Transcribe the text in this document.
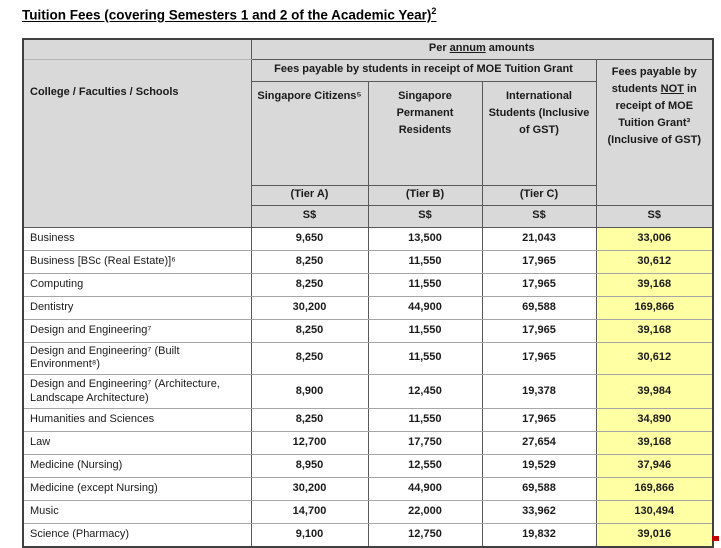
Tuition Fees (covering Semesters 1 and 2 of the Academic Year)$^2$
	Per annum amounts			
College / Faculties / Schools	Fees payable by students in receipt of MOE Tuition Grant			Fees payable by students NOT in receipt of MOE Tuition Grant³
(Inclusive of GST)

	Singapore Citizens⁵	Singapore Permanent Residents	International Students (Inclusive of GST)	
	(Tier A)	(Tier B)	(Tier C)	
	S$	S$	S$	S$
Business	9,650	13,500	21,043	33,006
Business [BSc (Real Estate)]⁶	8,250	11,550	17,965	30,612
Computing	8,250	11,550	17,965	39,168
Dentistry	30,200	44,900	69,588	169,866
Design and Engineering⁷	8,250	11,550	17,965	39,168
Design and Engineering⁷ (Built Environment⁸)	8,250	11,550	17,965	30,612
Design and Engineering⁷ (Architecture, Landscape Architecture)	8,900	12,450	19,378	39,984
Humanities and Sciences	8,250	11,550	17,965	34,890
Law	12,700	17,750	27,654	39,168
Medicine (Nursing)	8,950	12,550	19,529	37,946
Medicine (except Nursing)	30,200	44,900	69,588	169,866
Music	14,700	22,000	33,962	130,494
Science (Pharmacy)	9,100	12,750	19,832	39,016
